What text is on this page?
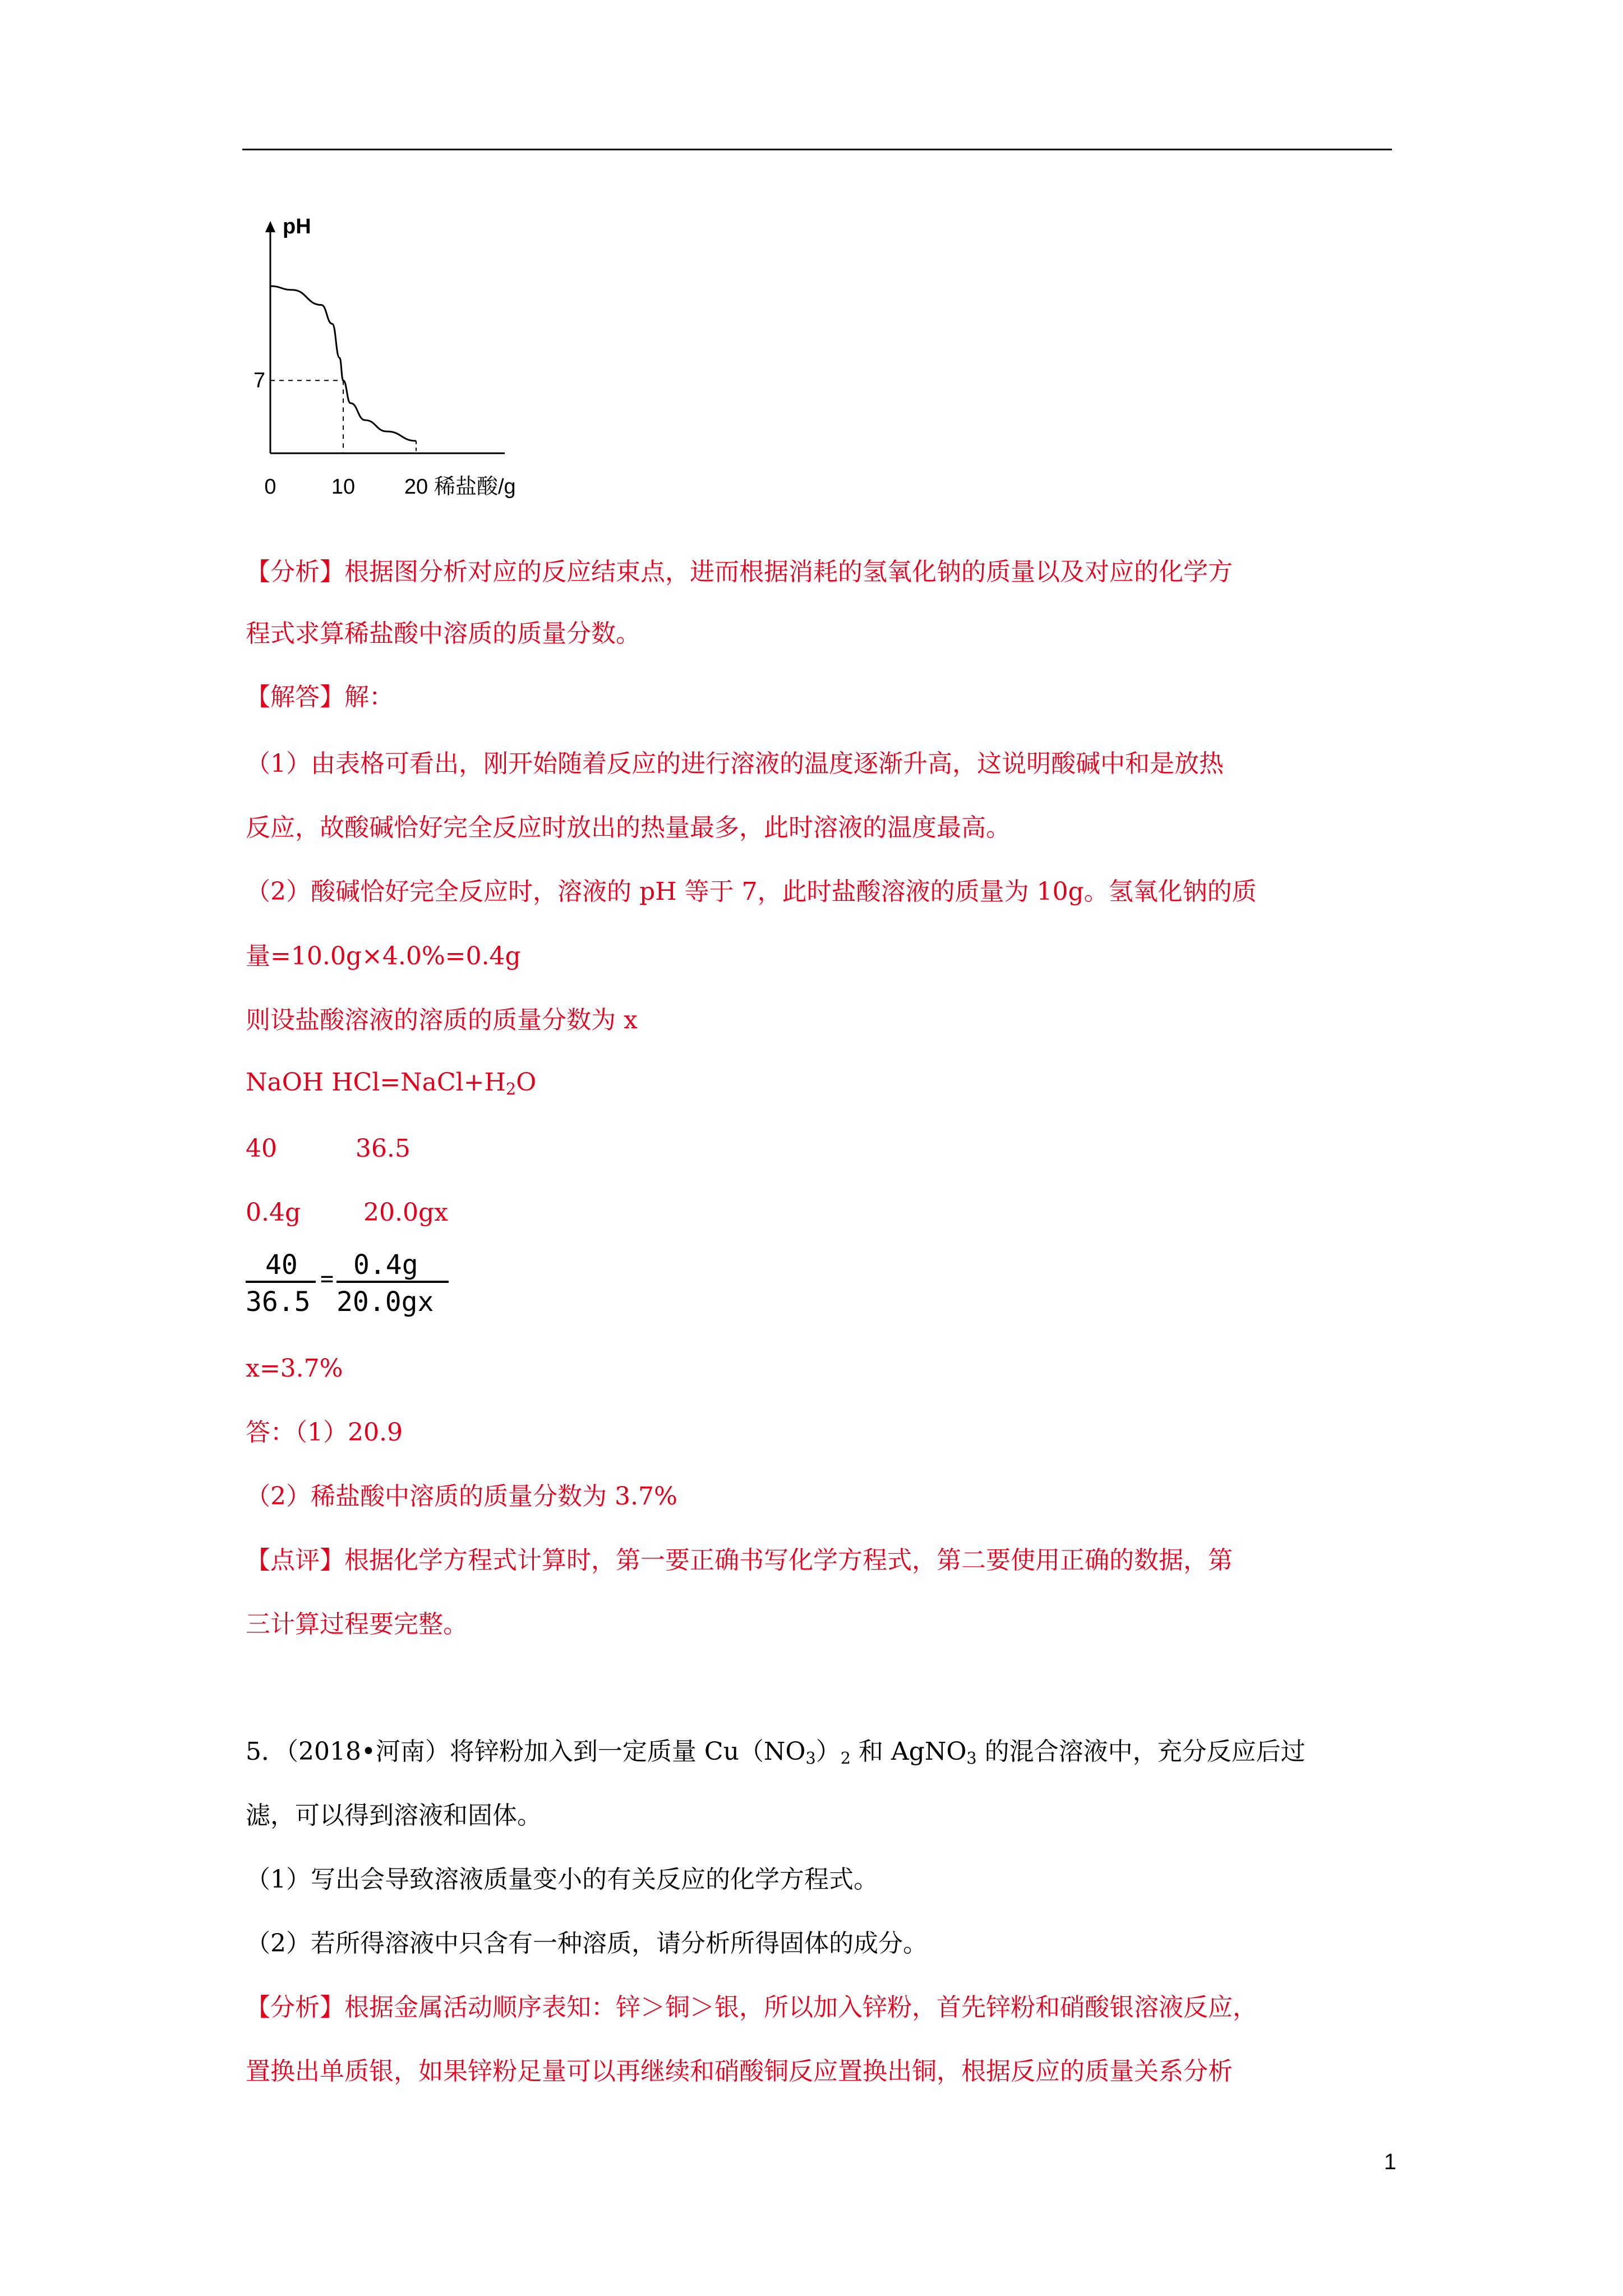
pH
7
0	10 20 稀盐酸/g
【分析】根据图分析对应的反应结束点，进而根据消耗的氢氧化钠的质量以及对应的化学方
程式求算稀盐酸中溶质的质量分数。
【解答】解：
（1）由表格可看出，刚开始随着反应的进行溶液的温度逐渐升高，这说明酸碱中和是放热
反应，故酸碱恰好完全反应时放出的热量最多，此时溶液的温度最高。
（2）酸碱恰好完全反应时，溶液的 pH 等于 7，此时盐酸溶液的质量为 10g。氢氧化钠的质
量=10.0g×4.0%=0.4g
则设盐酸溶液的溶质的质量分数为 x
NaOH $HCl=NaCl+H_2O$
40          36.5
0.4g        20.0gx
40
36.5
= 0.4g
20.0gx
x=3.7%
答：（1）20.9
（2）稀盐酸中溶质的质量分数为 3.7%
【点评】根据化学方程式计算时，第一要正确书写化学方程式，第二要使用正确的数据，第
三计算过程要完整。
5．（2018•河南）将锌粉加入到一定质量 $Cu(NO_3)_2$ 和 AgNO$_3$ 的混合溶液中，充分反应后过
滤，可以得到溶液和固体。
（1）写出会导致溶液质量变小的有关反应的化学方程式。
（2）若所得溶液中只含有一种溶质，请分析所得固体的成分。
【分析】根据金属活动顺序表知：锌＞铜＞银，所以加入锌粉，首先锌粉和硝酸银溶液反应，
置换出单质银，如果锌粉足量可以再继续和硝酸铜反应置换出铜，根据反应的质量关系分析
1
